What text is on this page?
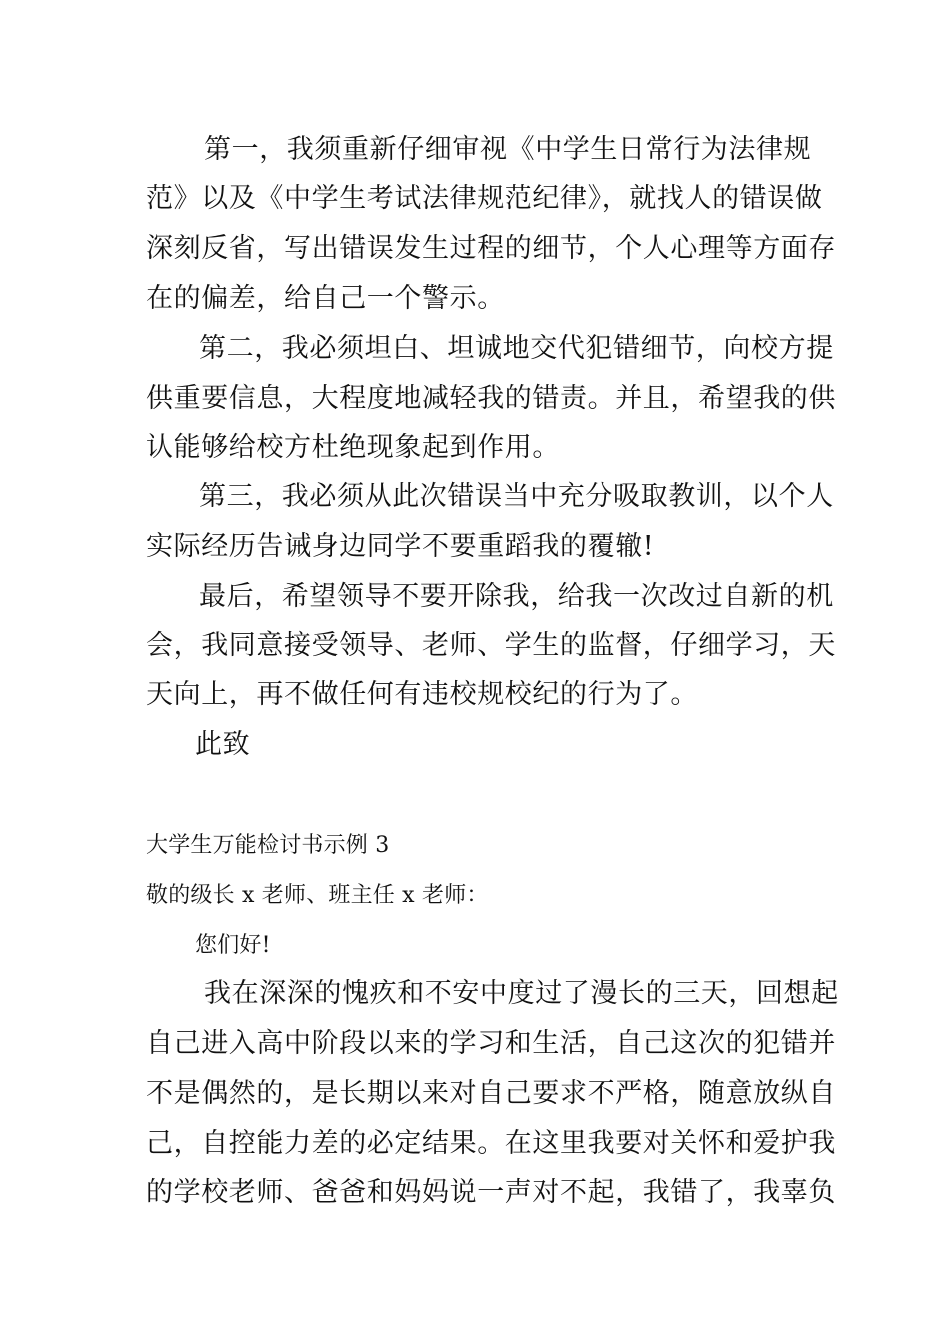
第一，我须重新仔细审视《中学生日常行为法律规
范》以及《中学生考试法律规范纪律》，就找人的错误做
深刻反省，写出错误发生过程的细节，个人心理等方面存
在的偏差，给自己一个警示。
第二，我必须坦白、坦诚地交代犯错细节，向校方提
供重要信息，大程度地减轻我的错责。并且，希望我的供
认能够给校方杜绝现象起到作用。
第三，我必须从此次错误当中充分吸取教训，以个人
实际经历告诫身边同学不要重蹈我的覆辙!
最后，希望领导不要开除我，给我一次改过自新的机
会，我同意接受领导、老师、学生的监督，仔细学习，天
天向上，再不做任何有违校规校纪的行为了。
此致
大学生万能检讨书示例 3
敬的级长 x 老师、班主任 x 老师：
您们好!
我在深深的愧疚和不安中度过了漫长的三天，回想起
自己进入高中阶段以来的学习和生活，自己这次的犯错并
不是偶然的，是长期以来对自己要求不严格，随意放纵自
己，自控能力差的必定结果。在这里我要对关怀和爱护我
的学校老师、爸爸和妈妈说一声对不起，我错了，我辜负
